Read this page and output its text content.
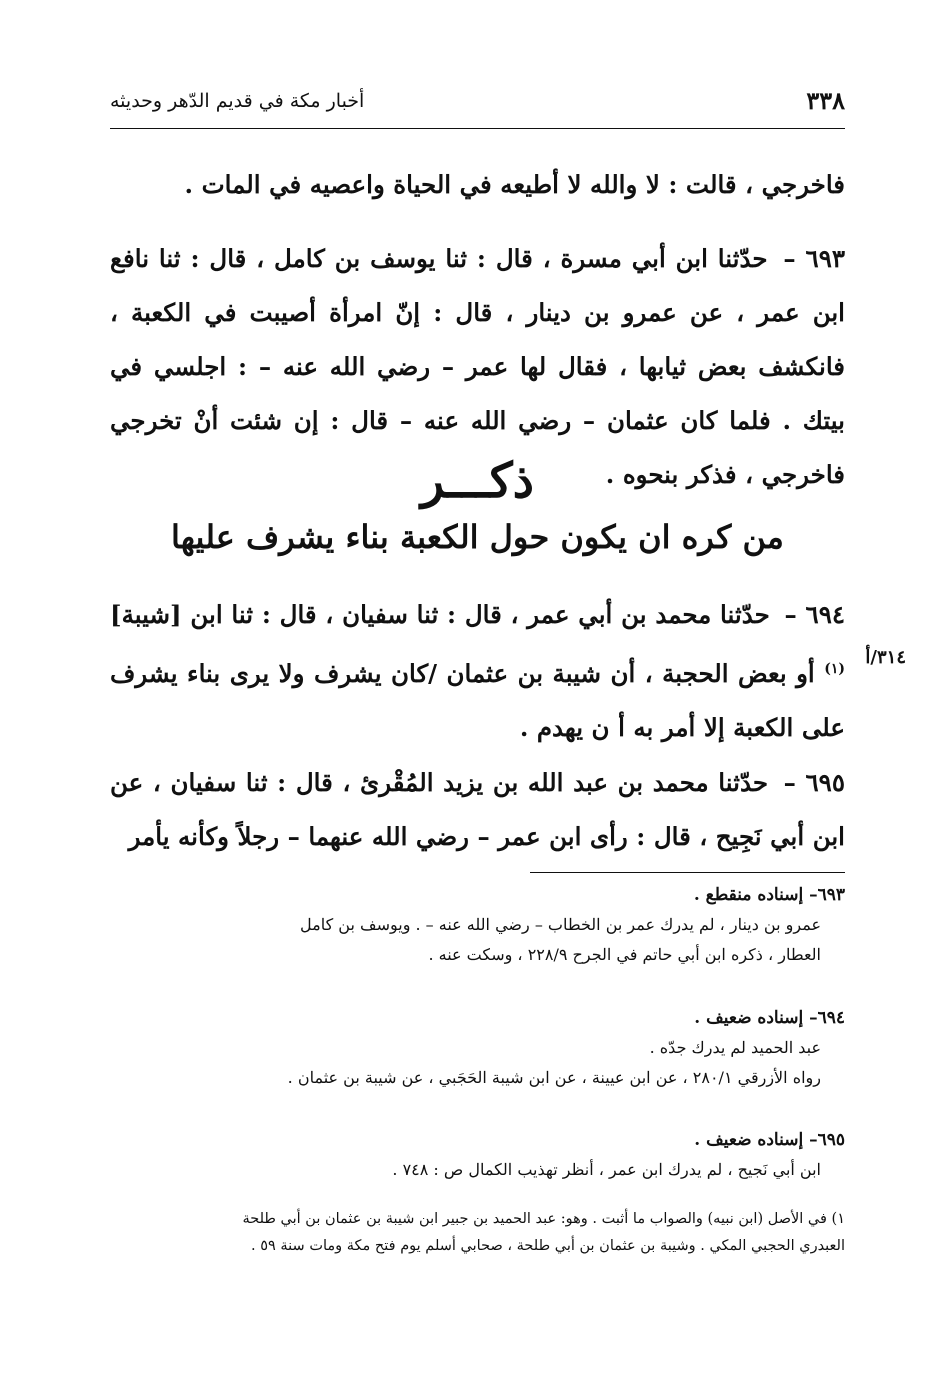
٣٣٨
أخبار مكة في قديم الدّهر وحديثه

فاخرجي ، قالت : لا والله لا أطيعه في الحياة واعصيه في المات .

٦٩٣ – حدّثنا ابن أبي مسرة ، قال : ثنا يوسف بن كامل ، قال : ثنا نافع ابن عمر ، عن عمرو بن دينار ، قال : إنّ امرأة أصيبت في الكعبة ، فانكشف بعض ثيابها ، فقال لها عمر – رضي الله عنه – : اجلسي في بيتك . فلما كان عثمان – رضي الله عنه – قال : إن شئت أنْ تخرجي فاخرجي ، فذكر بنحوه .

ذكـــر
من كره ان يكون حول الكعبة بناء يشرف عليها

٦٩٤ – حدّثنا محمد بن أبي عمر ، قال : ثنا سفيان ، قال : ثنا ابن [شيبة]$^{(١)}$ أو بعض الحجبة ، أن شيبة بن عثمان /كان يشرف ولا يرى بناء يشرف على الكعبة إلا أمر به أ ن يهدم .

٣١٤/أ

٦٩٥ – حدّثنا محمد بن عبد الله بن يزيد المُقْرئ ، قال : ثنا سفيان ، عن ابن أبي نَجِيح ، قال : رأى ابن عمر – رضي الله عنهما – رجلاً وكأنه يأمر

٦٩٣– إسناده منقطع .
عمرو بن دينار ، لم يدرك عمر بن الخطاب – رضي الله عنه – . ويوسف بن كامل
العطار ، ذكره ابن أبي حاتم في الجرح ٢٢٨/٩ ، وسكت عنه .
٦٩٤– إسناده ضعيف .
عبد الحميد لم يدرك جدّه .
رواه الأزرقي ٢٨٠/١ ، عن ابن عيينة ، عن ابن شيبة الحَجَبي ، عن شيبة بن عثمان .
٦٩٥– إسناده ضعيف .
ابن أبي نَجيح ، لم يدرك ابن عمر ، أنظر تهذيب الكمال ص : ٧٤٨ .
١) في الأصل (ابن نبيه) والصواب ما أثبت . وهو: عبد الحميد بن جبير ابن شيبة بن عثمان بن أبي طلحة
العبدري الحجبي المكي . وشيبة بن عثمان بن أبي طلحة ، صحابي أسلم يوم فتح مكة ومات سنة ٥٩ .
